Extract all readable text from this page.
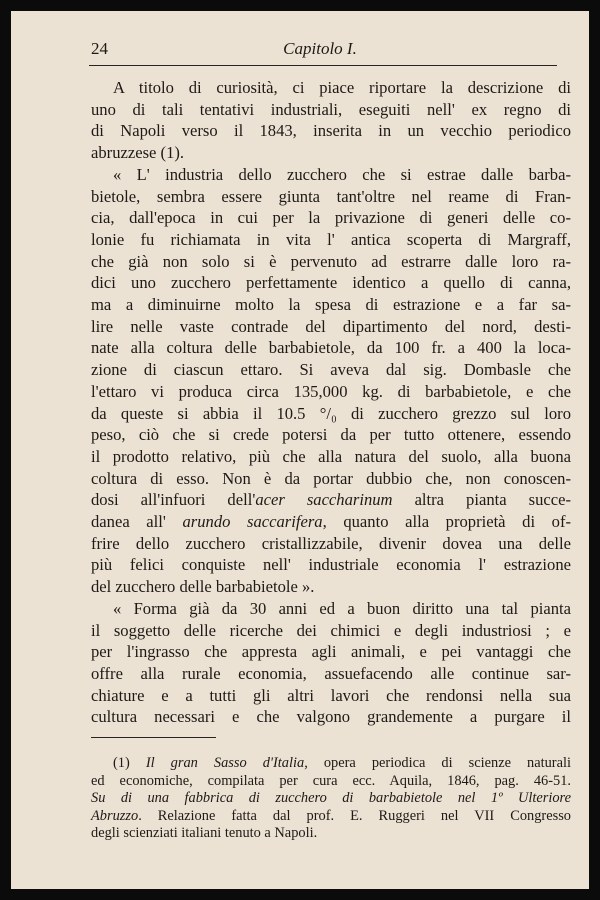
24	Capitolo I.
A titolo di curiosità, ci piace riportare la descrizione di
uno di tali tentativi industriali, eseguiti nell' ex regno di
di Napoli verso il 1843, inserita in un vecchio periodico
abruzzese (1).
« L' industria dello zucchero che si estrae dalle barba-
bietole, sembra essere giunta tant'oltre nel reame di Fran-
cia, dall'epoca in cui per la privazione di generi delle co-
lonie fu richiamata in vita l' antica scoperta di Margraff,
che già non solo si è pervenuto ad estrarre dalle loro ra-
dici uno zucchero perfettamente identico a quello di canna,
ma a diminuirne molto la spesa di estrazione e a far sa-
lire nelle vaste contrade del dipartimento del nord, desti-
nate alla coltura delle barbabietole, da 100 fr. a 400 la loca-
zione di ciascun ettaro. Si aveva dal sig. Dombasle che
l'ettaro vi produca circa 135,000 kg. di barbabietole, e che
da queste si abbia il 10.5 °/₀ di zucchero grezzo sul loro
peso, ciò che si crede potersi da per tutto ottenere, essendo
il prodotto relativo, più che alla natura del suolo, alla buona
coltura di esso. Non è da portar dubbio che, non conoscen-
dosi all'infuori dell'acer saccharinum altra pianta succe-
danea all' arundo saccarifera, quanto alla proprietà di of-
frire dello zucchero cristallizzabile, divenir dovea una delle
più felici conquiste nell' industriale economia l' estrazione
del zucchero delle barbabietole ».
« Forma già da 30 anni ed a buon diritto una tal pianta
il soggetto delle ricerche dei chimici e degli industriosi ; e
per l'ingrasso che appresta agli animali, e pei vantaggi che
offre alla rurale economia, assuefacendo alle continue sar-
chiature e a tutti gli altri lavori che rendonsi nella sua
cultura necessari e che valgono grandemente a purgare il
(1) Il gran Sasso d'Italia, opera periodica di scienze naturali
ed economiche, compilata per cura ecc. Aquila, 1846, pag. 46-51.
Su di una fabbrica di zucchero di barbabietole nel 1º Ulteriore
Abruzzo. Relazione fatta dal prof. E. Ruggeri nel VII Congresso
degli scienziati italiani tenuto a Napoli.
